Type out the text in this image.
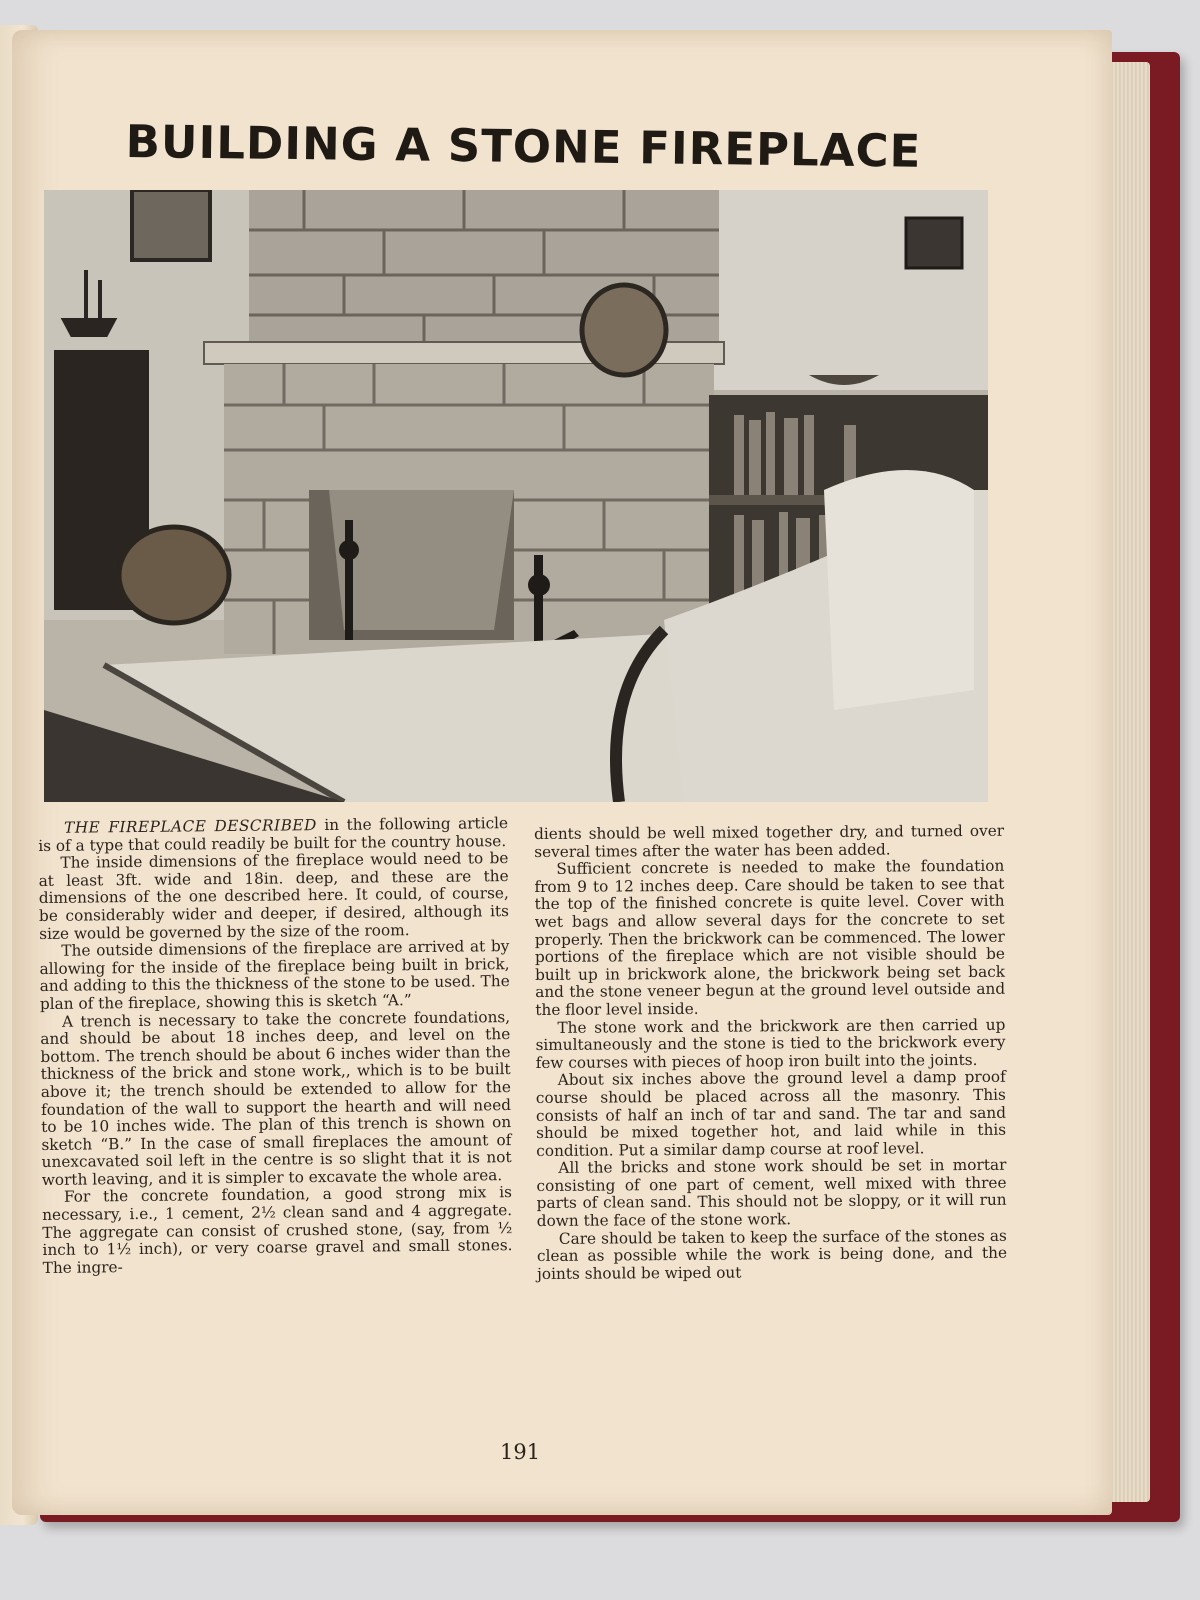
BUILDING A STONE FIREPLACE

THE FIREPLACE DESCRIBED in the following article is of a type that could readily be built for the country house.

The inside dimensions of the fireplace would need to be at least 3ft. wide and 18in. deep, and these are the dimensions of the one described here. It could, of course, be considerably wider and deeper, if desired, although its size would be governed by the size of the room.

The outside dimensions of the fireplace are arrived at by allowing for the inside of the fireplace being built in brick, and adding to this the thickness of the stone to be used. The plan of the fireplace, showing this is sketch “A.”

A trench is necessary to take the concrete foundations, and should be about 18 inches deep, and level on the bottom. The trench should be about 6 inches wider than the thickness of the brick and stone work,, which is to be built above it; the trench should be extended to allow for the foundation of the wall to support the hearth and will need to be 10 inches wide. The plan of this trench is shown on sketch “B.” In the case of small fireplaces the amount of unexcavated soil left in the centre is so slight that it is not worth leaving, and it is simpler to excavate the whole area.

For the concrete foundation, a good strong mix is necessary, i.e., 1 cement, 2½ clean sand and 4 aggregate. The aggregate can consist of crushed stone, (say, from ½ inch to 1½ inch), or very coarse gravel and small stones. The ingre-

dients should be well mixed together dry, and turned over several times after the water has been added.

Sufficient concrete is needed to make the foundation from 9 to 12 inches deep. Care should be taken to see that the top of the finished concrete is quite level. Cover with wet bags and allow several days for the concrete to set properly. Then the brickwork can be commenced. The lower portions of the fireplace which are not visible should be built up in brickwork alone, the brickwork being set back and the stone veneer begun at the ground level outside and the floor level inside.

The stone work and the brickwork are then carried up simultaneously and the stone is tied to the brickwork every few courses with pieces of hoop iron built into the joints.

About six inches above the ground level a damp proof course should be placed across all the masonry. This consists of half an inch of tar and sand. The tar and sand should be mixed together hot, and laid while in this condition. Put a similar damp course at roof level.

All the bricks and stone work should be set in mortar consisting of one part of cement, well mixed with three parts of clean sand. This should not be sloppy, or it will run down the face of the stone work.

Care should be taken to keep the surface of the stones as clean as possible while the work is being done, and the joints should be wiped out

191
